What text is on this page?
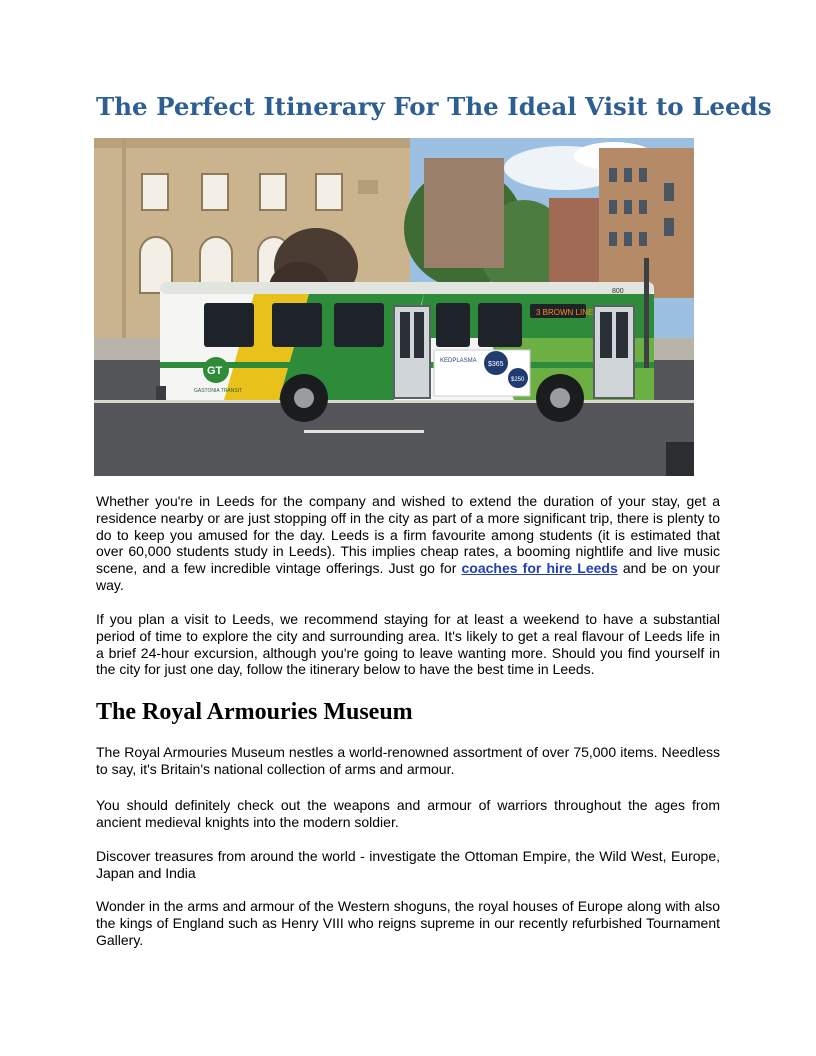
The Perfect Itinerary For The Ideal Visit to Leeds
3 BROWN LINE
800
KEDPLASMA $365
$250
GT
GASTONIA TRANSIT

Whether you're in Leeds for the company and wished to extend the duration of your stay, get a residence nearby or are just stopping off in the city as part of a more significant trip, there is plenty to do to keep you amused for the day. Leeds is a firm favourite among students (it is estimated that over 60,000 students study in Leeds). This implies cheap rates, a booming nightlife and live music scene, and a few incredible vintage offerings. Just go for coaches for hire Leeds and be on your way.

If you plan a visit to Leeds, we recommend staying for at least a weekend to have a substantial period of time to explore the city and surrounding area. It's likely to get a real flavour of Leeds life in a brief 24-hour excursion, although you're going to leave wanting more. Should you find yourself in the city for just one day, follow the itinerary below to have the best time in Leeds.

The Royal Armouries Museum

The Royal Armouries Museum nestles a world-renowned assortment of over 75,000 items. Needless to say, it's Britain's national collection of arms and armour.

You should definitely check out the weapons and armour of warriors throughout the ages from ancient medieval knights into the modern soldier.

Discover treasures from around the world - investigate the Ottoman Empire, the Wild West, Europe, Japan and India

Wonder in the arms and armour of the Western shoguns, the royal houses of Europe along with also the kings of England such as Henry VIII who reigns supreme in our recently refurbished Tournament Gallery.
